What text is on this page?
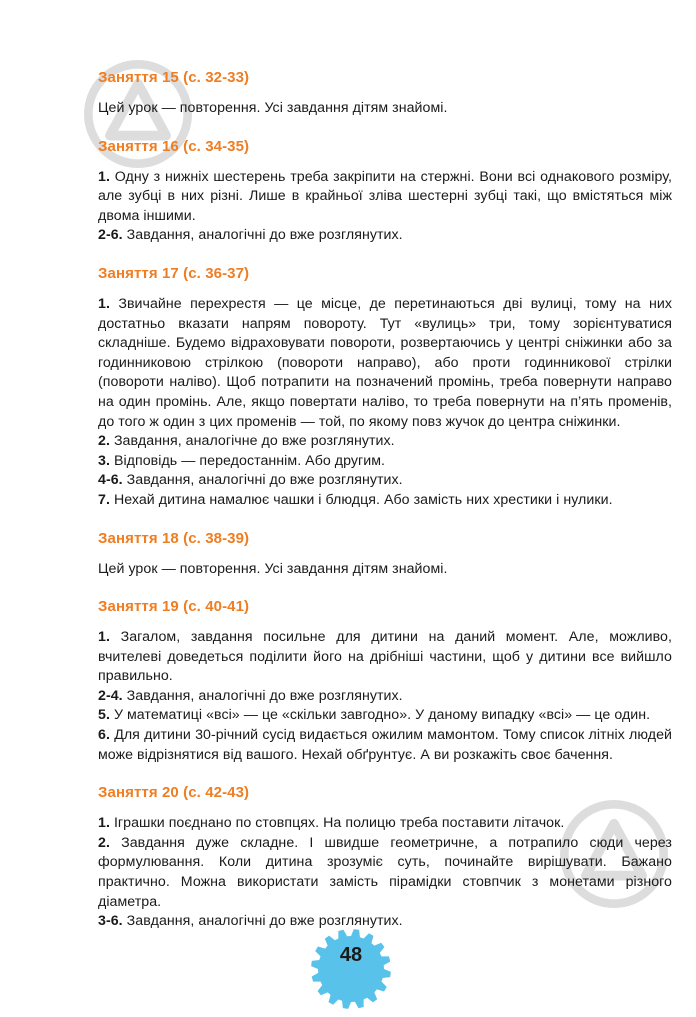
Заняття 15 (с. 32-33)

Цей урок — повторення. Усі завдання дітям знайомі.

Заняття 16 (с. 34-35)

1. Одну з нижніх шестерень треба закріпити на стержні. Вони всі однакового розміру, але зубці в них різні. Лише в крайньої зліва шестерні зубці такі, що вмістяться між двома іншими.

2-6. Завдання, аналогічні до вже розглянутих.

Заняття 17 (с. 36-37)

1. Звичайне перехрестя — це місце, де перетинаються дві вулиці, тому на них достатньо вказати напрям повороту. Тут «вулиць» три, тому зорієнтуватися складніше. Будемо відраховувати повороти, розвертаючись у центрі сніжинки або за годинниковою стрілкою (повороти направо), або проти годинникової стрілки (повороти наліво). Щоб потрапити на позначений промінь, треба повернути направо на один промінь. Але, якщо повертати наліво, то треба повернути на п’ять променів, до того ж один з цих променів — той, по якому повз жучок до центра сніжинки.

2. Завдання, аналогічне до вже розглянутих.

3. Відповідь — передостаннім. Або другим.

4-6. Завдання, аналогічні до вже розглянутих.

7. Нехай дитина намалює чашки і блюдця. Або замість них хрестики і нулики.

Заняття 18 (с. 38-39)

Цей урок — повторення. Усі завдання дітям знайомі.

Заняття 19 (с. 40-41)

1. Загалом, завдання посильне для дитини на даний момент. Але, можливо, вчителеві доведеться поділити його на дрібніші частини, щоб у дитини все вийшло правильно.

2-4. Завдання, аналогічні до вже розглянутих.

5. У математиці «всі» — це «скільки завгодно». У даному випадку «всі» — це один.

6. Для дитини 30-річний сусід видається ожилим мамонтом. Тому список літніх людей може відрізнятися від вашого. Нехай обґрунтує. А ви розкажіть своє бачення.

Заняття 20 (с. 42-43)

1. Іграшки поєднано по стовпцях. На полицю треба поставити літачок.

2. Завдання дуже складне. І швидше геометричне, а потрапило сюди через формулювання. Коли дитина зрозуміє суть, починайте вирішувати. Бажано практично. Можна використати замість пірамідки стовпчик з монетами різного діаметра.

3-6. Завдання, аналогічні до вже розглянутих.

48
